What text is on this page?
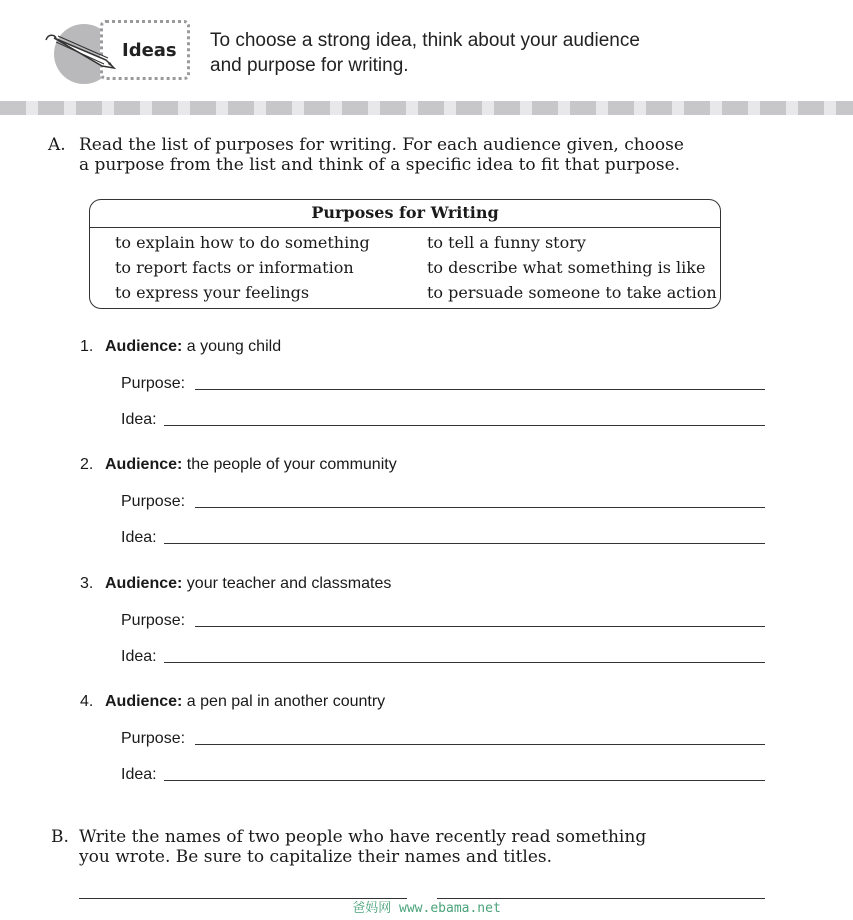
Ideas To choose a strong idea, think about your audience
and purpose for writing.
A. Read the list of purposes for writing. For each audience given, choose
a purpose from the list and think of a specific idea to fit that purpose.
Purposes for Writing
to explain how to do something
to report facts or information
to express your feelings
to tell a funny story
to describe what something is like
to persuade someone to take action
1. Audience: a young child
Purpose:
Idea:
2. Audience: the people of your community
Purpose:
Idea:
3. Audience: your teacher and classmates
Purpose:
Idea:
4. Audience: a pen pal in another country
Purpose:
Idea:
B. Write the names of two people who have recently read something
you wrote. Be sure to capitalize their names and titles.
爸妈网 www.ebama.net
